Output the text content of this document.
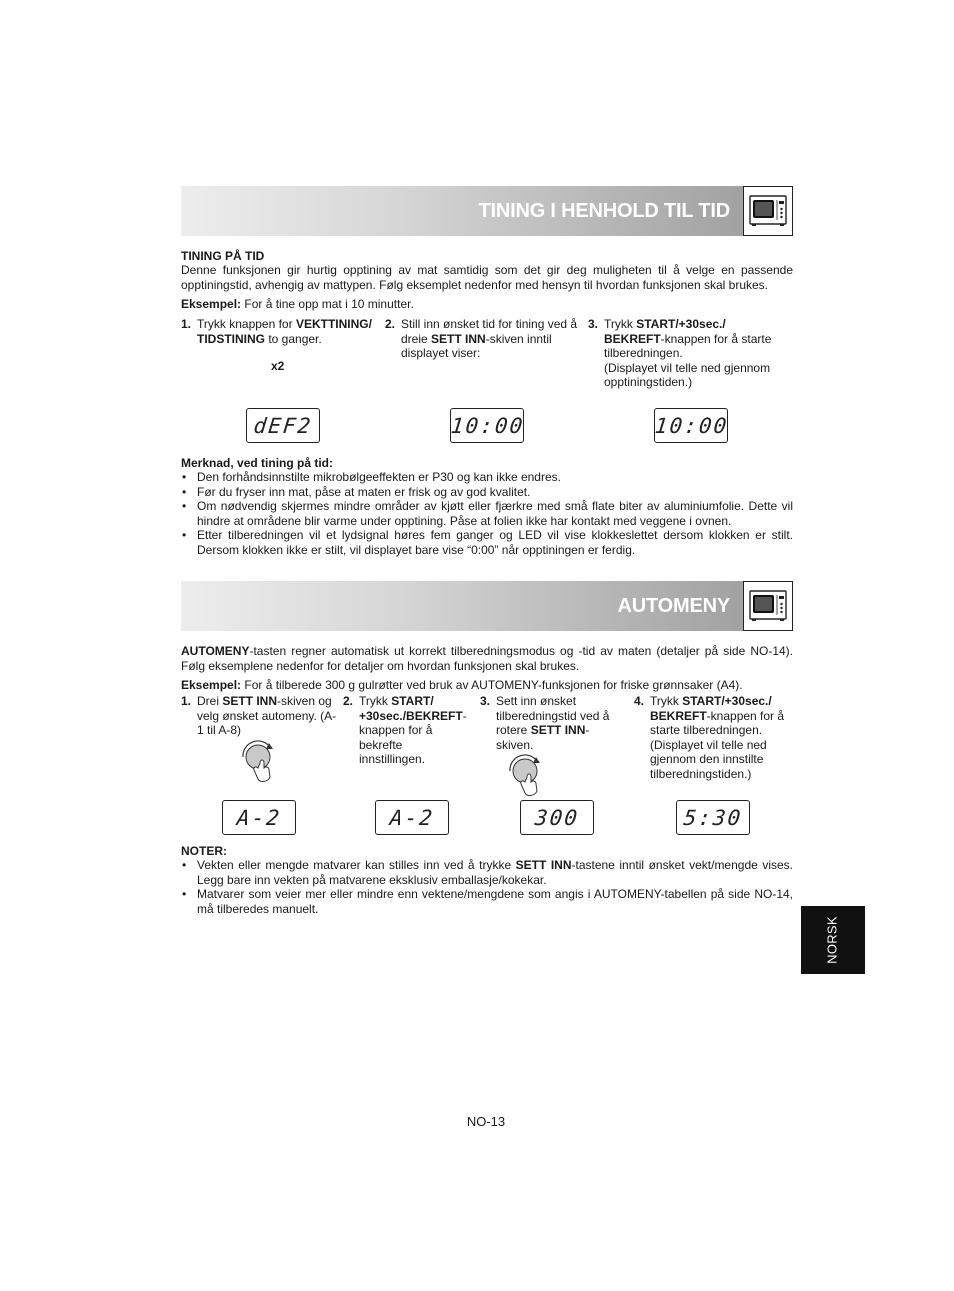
TINING I HENHOLD TIL TID
TINING PÅ TID
Denne funksjonen gir hurtig opptining av mat samtidig som det gir deg muligheten til å velge en passende opptiningstid, avhengig av mattypen. Følg eksemplet nedenfor med hensyn til hvordan funksjonen skal brukes.
Eksempel: For å tine opp mat i 10 minutter.
1. Trykk knappen for VEKTTINING/ TIDSTINING to ganger.
x2
2. Still inn ønsket tid for tining ved å dreie SETT INN-skiven inntil displayet viser:
3. Trykk START/+30sec./ BEKREFT-knappen for å starte tilberedningen.
(Displayet vil telle ned gjennom opptiningstiden.)
dEF2	10:00	10:00
Merknad, ved tining på tid:
• Den forhåndsinnstilte mikrobølgeeffekten er P30 og kan ikke endres.
• Før du fryser inn mat, påse at maten er frisk og av god kvalitet.
• Om nødvendig skjermes mindre områder av kjøtt eller fjærkre med små flate biter av aluminiumfolie. Dette vil hindre at områdene blir varme under opptining. Påse at folien ikke har kontakt med veggene i ovnen.
• Etter tilberedningen vil et lydsignal høres fem ganger og LED vil vise klokkeslettet dersom klokken er stilt. Dersom klokken ikke er stilt, vil displayet bare vise “0:00” når opptiningen er ferdig.
AUTOMENY
AUTOMENY-tasten regner automatisk ut korrekt tilberedningsmodus og -tid av maten (detaljer på side NO-14). Følg eksemplene nedenfor for detaljer om hvordan funksjonen skal brukes.
Eksempel: For å tilberede 300 g gulrøtter ved bruk av AUTOMENY-funksjonen for friske grønnsaker (A4).
1. Drei SETT INN-skiven og velg ønsket automeny. (A-1 til A-8)
2. Trykk START/ +30sec./BEKREFT-knappen for å bekrefte innstillingen.
3. Sett inn ønsket tilberedningstid ved å rotere SETT INN-skiven.
4. Trykk START/+30sec./ BEKREFT-knappen for å starte tilberedningen. (Displayet vil telle ned gjennom den innstilte tilberedningstiden.)
A-2	A-2	300	5:30
NOTER:
• Vekten eller mengde matvarer kan stilles inn ved å trykke SETT INN-tastene inntil ønsket vekt/mengde vises. Legg bare inn vekten på matvarene eksklusiv emballasje/kokekar.
• Matvarer som veier mer eller mindre enn vektene/mengdene som angis i AUTOMENY-tabellen på side NO-14, må tilberedes manuelt.
NORSK
NO-13
